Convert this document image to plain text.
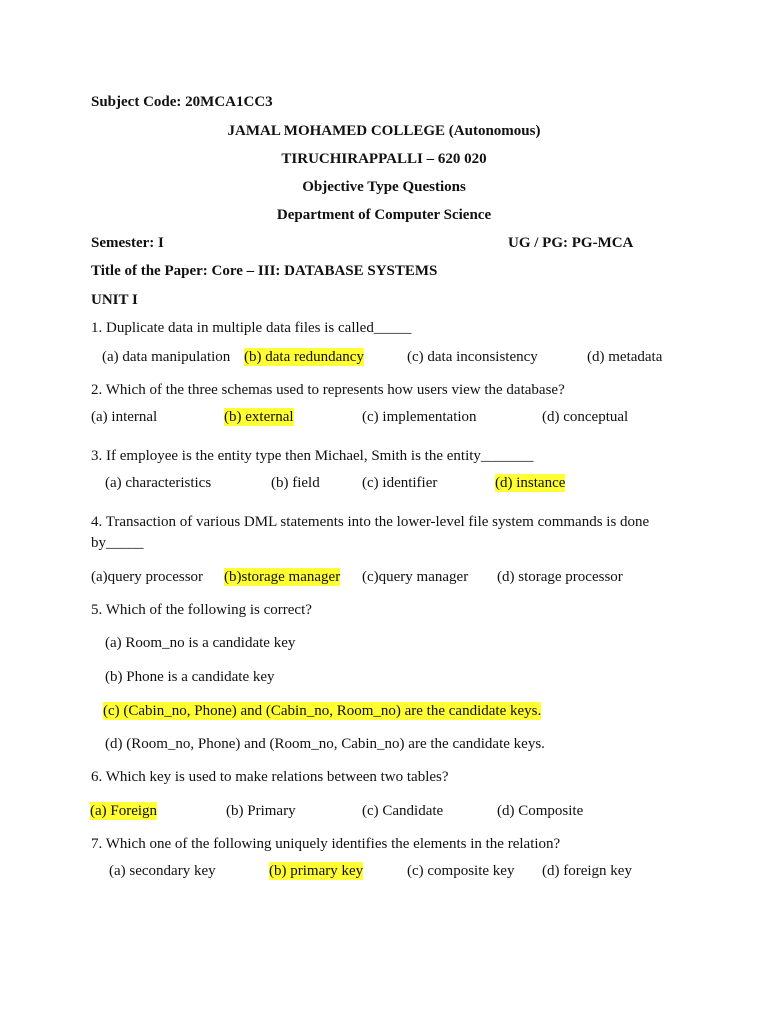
Subject Code: 20MCA1CC3
JAMAL MOHAMED COLLEGE (Autonomous)
TIRUCHIRAPPALLI – 620 020
Objective Type Questions
Department of Computer Science
Semester: I	UG / PG: PG-MCA
Title of the Paper: Core – III: DATABASE SYSTEMS
UNIT I
1. Duplicate data in multiple data files is called_____
(a) data manipulation (b) data redundancy	(c) data inconsistency	(d) metadata
2. Which of the three schemas used to represents how users view the database?
(a) internal	(b) external	(c) implementation	(d) conceptual
3. If employee is the entity type then Michael, Smith is the entity_______
(a) characteristics	(b) field	(c) identifier	(d) instance
4. Transaction of various DML statements into the lower-level file system commands is done
by_____
(a)query processor (b)storage manager (c)query manager (d) storage processor
5. Which of the following is correct?
(a) Room_no is a candidate key
(b) Phone is a candidate key
(c) (Cabin_no, Phone) and (Cabin_no, Room_no) are the candidate keys.
(d) (Room_no, Phone) and (Room_no, Cabin_no) are the candidate keys.
6. Which key is used to make relations between two tables?
(a) Foreign	(b) Primary	(c) Candidate	(d) Composite
7. Which one of the following uniquely identifies the elements in the relation?
(a) secondary key	(b) primary key	(c) composite key (d) foreign key
